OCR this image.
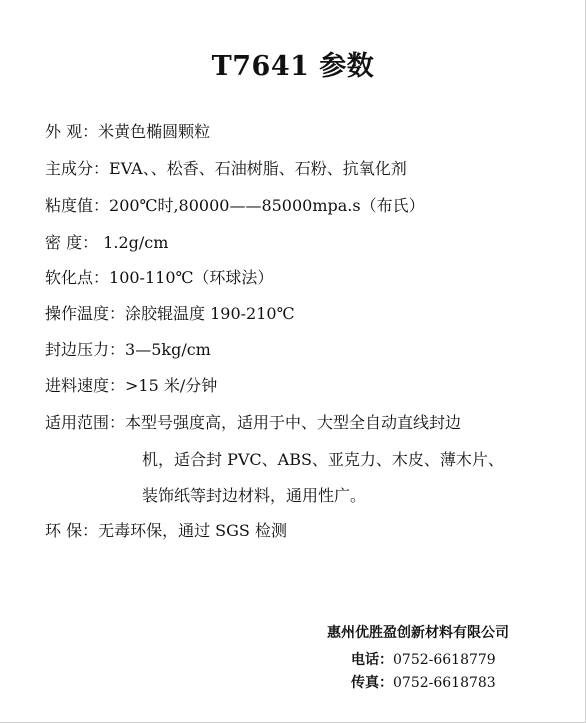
T7641 参数
外 观：米黄色椭圆颗粒
主成分：EVA、、松香、石油树脂、石粉、抗氧化剂
粘度值：200℃时,80000——85000mpa.s（布氏）
密 度： 1.2g/cm
软化点：100-110℃（环球法）
操作温度：涂胶辊温度 190-210℃
封边压力：3—5kg/cm
进料速度：>15 米/分钟
适用范围：本型号强度高，适用于中、大型全自动直线封边
机，适合封 PVC、ABS、亚克力、木皮、薄木片、
装饰纸等封边材料，通用性广。
环 保：无毒环保，通过 SGS 检测
惠州优胜盈创新材料有限公司
电话：0752-6618779
传真：0752-6618783
